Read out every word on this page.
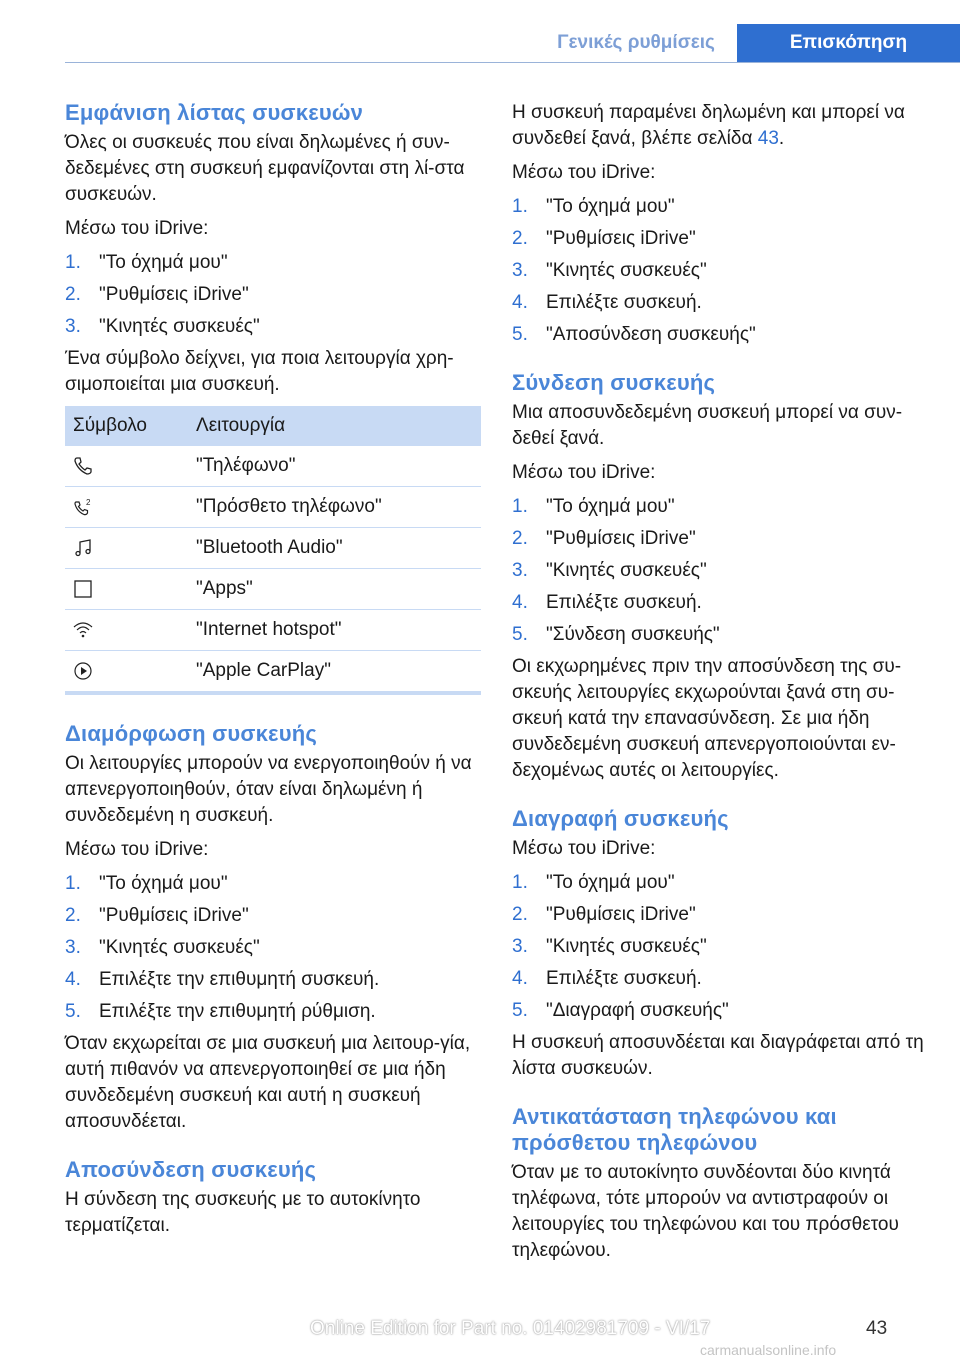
Γενικές ρυθμίσεις	Επισκόπηση
Εμφάνιση λίστας συσκευών

Όλες οι συσκευές που είναι δηλωμένες ή συν-δεδεμένες στη συσκευή εμφανίζονται στη λί-στα συσκευών.

Μέσω του iDrive:

1. "Το όχημά μου"
2. "Ρυθμίσεις iDrive"
3. "Κινητές συσκευές"

Ένα σύμβολο δείχνει, για ποια λειτουργία χρη-σιμοποιείται μια συσκευή.

Σύμβολο	Λειτουργία
	"Τηλέφωνο"

2	"Πρόσθετο τηλέφωνο"
	"Bluetooth Audio"
	"Apps"
	"Internet hotspot"
	"Apple CarPlay"
Διαμόρφωση συσκευής

Οι λειτουργίες μπορούν να ενεργοποιηθούν ή να απενεργοποιηθούν, όταν είναι δηλωμένη ή συνδεδεμένη η συσκευή.

Μέσω του iDrive:

1. "Το όχημά μου"
2. "Ρυθμίσεις iDrive"
3. "Κινητές συσκευές"
4. Επιλέξτε την επιθυμητή συσκευή.
5. Επιλέξτε την επιθυμητή ρύθμιση.

Όταν εκχωρείται σε μια συσκευή μια λειτουρ-γία, αυτή πιθανόν να απενεργοποιηθεί σε μια ήδη συνδεδεμένη συσκευή και αυτή η συσκευή αποσυνδέεται.

Αποσύνδεση συσκευής

Η σύνδεση της συσκευής με το αυτοκίνητο τερματίζεται.

Η συσκευή παραμένει δηλωμένη και μπορεί να συνδεθεί ξανά, βλέπε σελίδα 43.

Μέσω του iDrive:

1. "Το όχημά μου"
2. "Ρυθμίσεις iDrive"
3. "Κινητές συσκευές"
4. Επιλέξτε συσκευή.
5. "Αποσύνδεση συσκευής"
Σύνδεση συσκευής

Μια αποσυνδεδεμένη συσκευή μπορεί να συν-δεθεί ξανά.

Μέσω του iDrive:

1. "Το όχημά μου"
2. "Ρυθμίσεις iDrive"
3. "Κινητές συσκευές"
4. Επιλέξτε συσκευή.
5. "Σύνδεση συσκευής"

Οι εκχωρημένες πριν την αποσύνδεση της συ-σκευής λειτουργίες εκχωρούνται ξανά στη συ-σκευή κατά την επανασύνδεση. Σε μια ήδη συνδεδεμένη συσκευή απενεργοποιούνται εν-δεχομένως αυτές οι λειτουργίες.

Διαγραφή συσκευής

Μέσω του iDrive:

1. "Το όχημά μου"
2. "Ρυθμίσεις iDrive"
3. "Κινητές συσκευές"
4. Επιλέξτε συσκευή.
5. "Διαγραφή συσκευής"

Η συσκευή αποσυνδέεται και διαγράφεται από τη λίστα συσκευών.

Αντικατάσταση τηλεφώνου και πρόσθετου τηλεφώνου

Όταν με το αυτοκίνητο συνδέονται δύο κινητά τηλέφωνα, τότε μπορούν να αντιστραφούν οι λειτουργίες του τηλεφώνου και του πρόσθετου τηλεφώνου.

Online Edition for Part no. 01402981709 - VI/17	43
carmanualsonline.info
